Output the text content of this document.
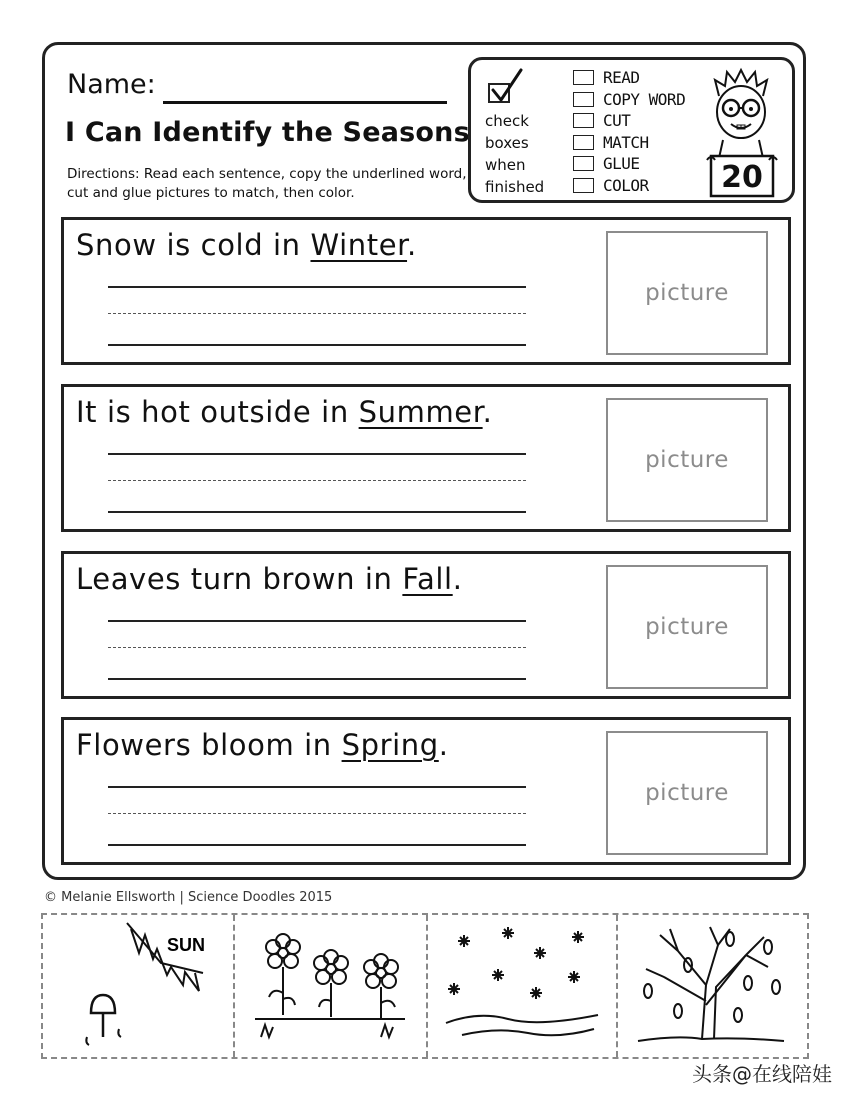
Name:
I Can Identify the Seasons
Directions: Read each sentence, copy the underlined word, cut and glue pictures to match, then color.
check
boxes
when
finished
READ
COPY WORD
CUT
MATCH
GLUE
COLOR 20
Snow is cold in Winter.
picture
It is hot outside in Summer.
picture
Leaves turn brown in Fall.
picture
Flowers bloom in Spring.
picture
© Melanie Ellsworth | Science Doodles 2015
SUN
头条@在线陪娃
